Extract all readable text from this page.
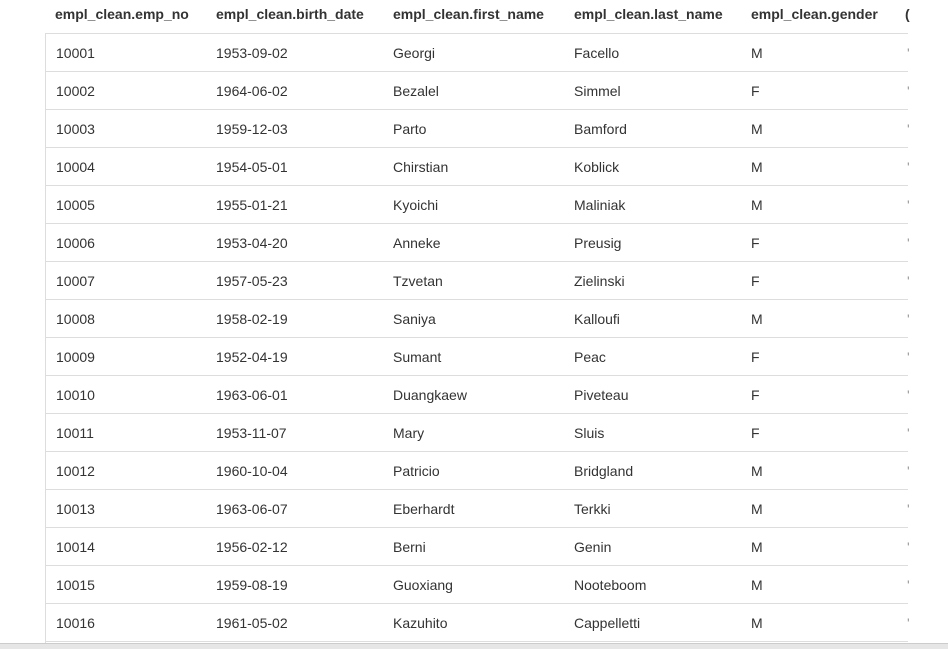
empl_clean.emp_no empl_clean.birth_date empl_clean.first_name empl_clean.last_name empl_clean.gender (
10001	1953-09-02	Georgi	Facello	M	'
10002	1964-06-02	Bezalel	Simmel	F	'
10003	1959-12-03	Parto	Bamford	M	'
10004	1954-05-01	Chirstian	Koblick	M	'
10005	1955-01-21	Kyoichi	Maliniak	M	'
10006	1953-04-20	Anneke	Preusig	F	'
10007	1957-05-23	Tzvetan	Zielinski	F	'
10008	1958-02-19	Saniya	Kalloufi	M	'
10009	1952-04-19	Sumant	Peac	F	'
10010	1963-06-01	Duangkaew	Piveteau	F	'
10011	1953-11-07	Mary	Sluis	F	'
10012	1960-10-04	Patricio	Bridgland	M	'
10013	1963-06-07	Eberhardt	Terkki	M	'
10014	1956-02-12	Berni	Genin	M	'
10015	1959-08-19	Guoxiang	Nooteboom	M	'
10016	1961-05-02	Kazuhito	Cappelletti	M	'
